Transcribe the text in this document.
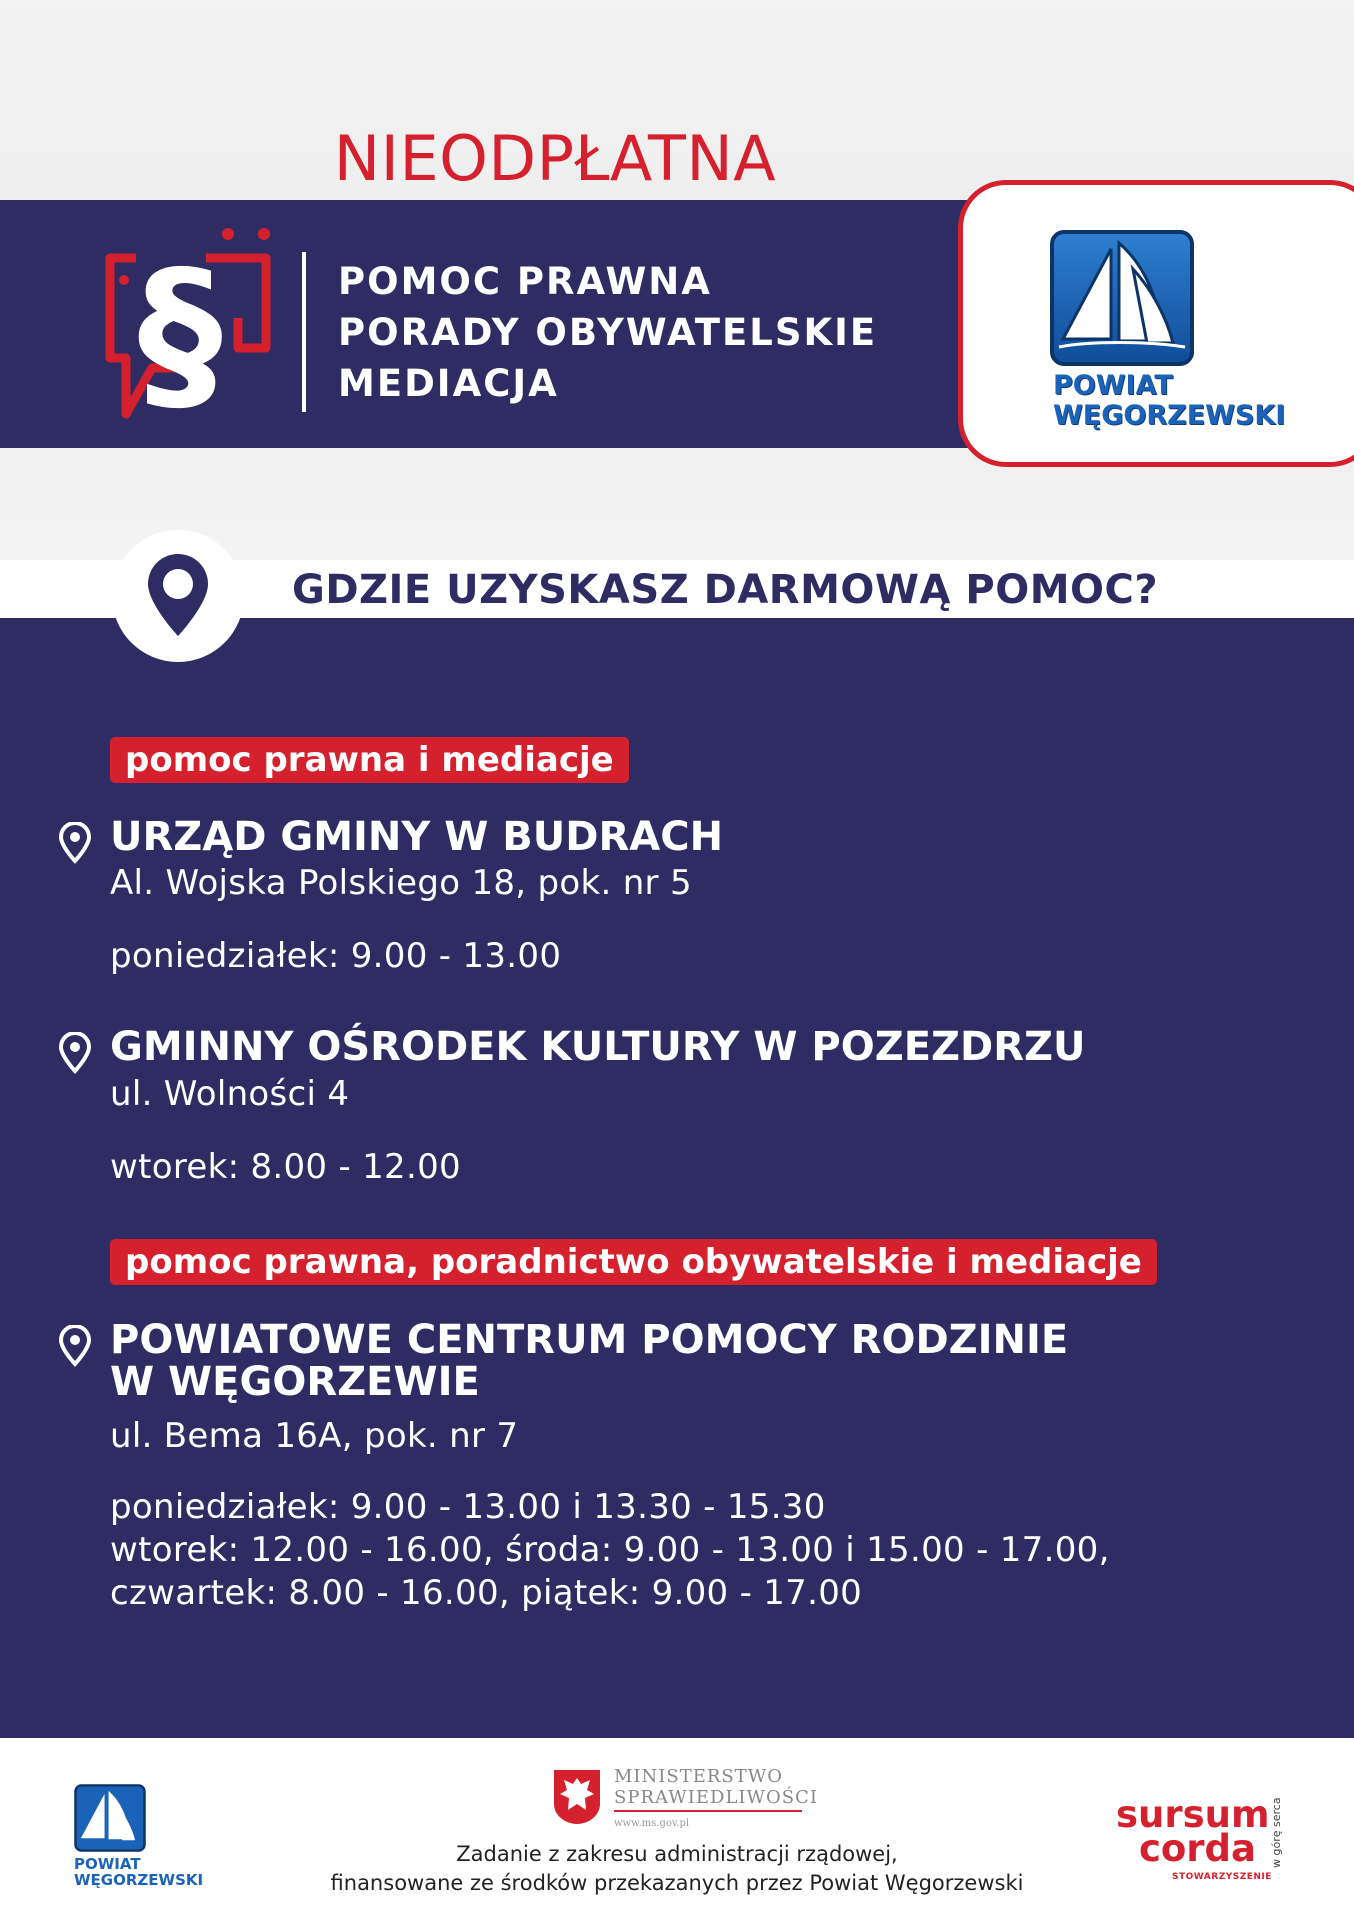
NIEODPŁATNA
§	POMOC PRAWNA
PORADY OBYWATELSKIE
MEDIACJA	POWIAT
WĘGORZEWSKI
GDZIE UZYSKASZ DARMOWĄ POMOC?
pomoc prawna i mediacje
URZĄD GMINY W BUDRACH
Al. Wojska Polskiego 18, pok. nr 5
poniedziałek: 9.00 - 13.00
GMINNY OŚRODEK KULTURY W POZEZDRZU
ul. Wolności 4
wtorek: 8.00 - 12.00
pomoc prawna, poradnictwo obywatelskie i mediacje
POWIATOWE CENTRUM POMOCY RODZINIE
W WĘGORZEWIE
ul. Bema 16A, pok. nr 7
poniedziałek: 9.00 - 13.00 i 13.30 - 15.30
wtorek: 12.00 - 16.00, środa: 9.00 - 13.00 i 15.00 - 17.00,
czwartek: 8.00 - 16.00, piątek: 9.00 - 17.00
POWIAT
WĘGORZEWSKI
MINISTERSTWO
SPRAWIEDLIWOŚCI
www.ms.gov.pl
Zadanie z zakresu administracji rządowej,
finansowane ze środków przekazanych przez Powiat Węgorzewski
sursum
corda
STOWARZYSZENIE
w górę serca
